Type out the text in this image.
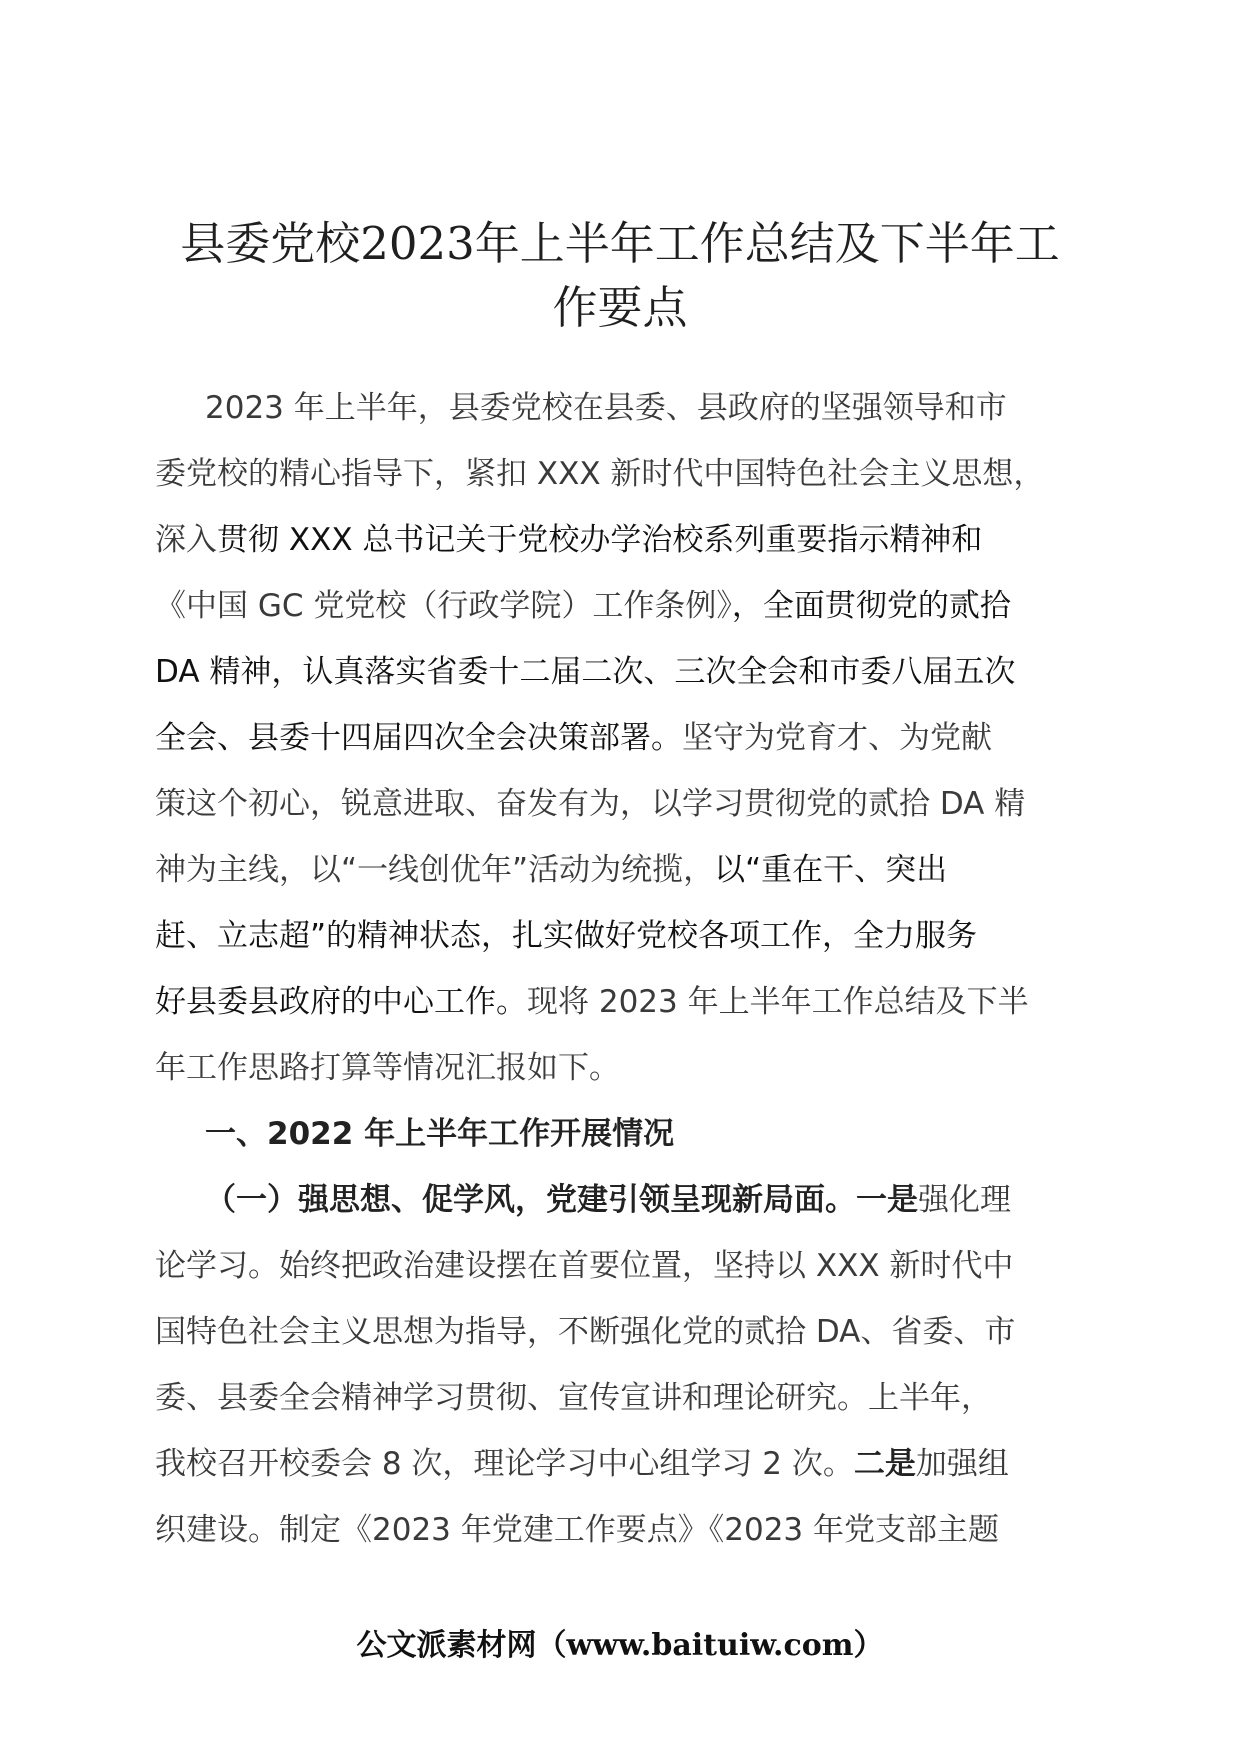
县委党校2023年上半年工作总结及下半年工
作要点
2023 年上半年，县委党校在县委、县政府的坚强领导和市
委党校的精心指导下，紧扣 XXX 新时代中国特色社会主义思想，
深入贯彻 XXX 总书记关于党校办学治校系列重要指示精神和
《中国 GC 党党校（行政学院）工作条例》，全面贯彻党的贰拾
DA 精神，认真落实省委十二届二次、三次全会和市委八届五次
全会、县委十四届四次全会决策部署。坚守为党育才、为党献
策这个初心，锐意进取、奋发有为，以学习贯彻党的贰拾 DA 精
神为主线，以“一线创优年”活动为统揽，以“重在干、突出
赶、立志超”的精神状态，扎实做好党校各项工作，全力服务
好县委县政府的中心工作。现将 2023 年上半年工作总结及下半
年工作思路打算等情况汇报如下。
一、2022 年上半年工作开展情况
（一）强思想、促学风，党建引领呈现新局面。一是强化理
论学习。始终把政治建设摆在首要位置，坚持以 XXX 新时代中
国特色社会主义思想为指导，不断强化党的贰拾 DA、省委、市
委、县委全会精神学习贯彻、宣传宣讲和理论研究。上半年，
我校召开校委会 8 次，理论学习中心组学习 2 次。二是加强组
织建设。制定《2023 年党建工作要点》《2023 年党支部主题
公文派素材网（www.baituiw.com）
